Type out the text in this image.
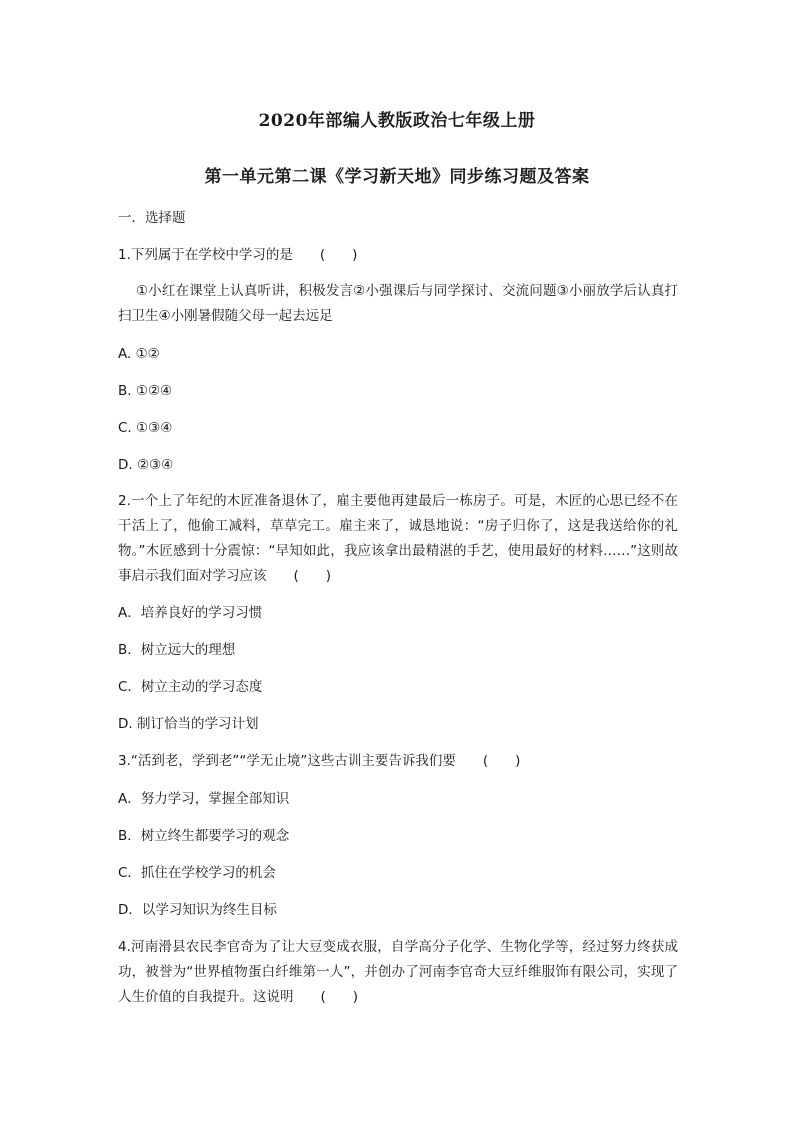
2020年部编人教版政治七年级上册
第一单元第二课《学习新天地》同步练习题及答案
一．选择题
1.下列属于在学校中学习的是　　(　　)
①小红在课堂上认真听讲，积极发言②小强课后与同学探讨、交流问题③小丽放学后认真打扫卫生④小刚暑假随父母一起去远足
A. ①②
B. ①②④
C. ①③④
D. ②③④
2.一个上了年纪的木匠准备退休了，雇主要他再建最后一栋房子。可是，木匠的心思已经不在干活上了，他偷工减料，草草完工。雇主来了，诚恳地说：“房子归你了，这是我送给你的礼物。”木匠感到十分震惊：“早知如此，我应该拿出最精湛的手艺，使用最好的材料……”这则故事启示我们面对学习应该　　(　　)
A．培养良好的学习习惯
B．树立远大的理想
C．树立主动的学习态度
D. 制订恰当的学习计划
3.“活到老，学到老”“学无止境”这些古训主要告诉我们要　　(　　)
A．努力学习，掌握全部知识
B．树立终生都要学习的观念
C．抓住在学校学习的机会
D．以学习知识为终生目标
4.河南滑县农民李官奇为了让大豆变成衣服，自学高分子化学、生物化学等，经过努力终获成功，被誉为“世界植物蛋白纤维第一人”，并创办了河南李官奇大豆纤维服饰有限公司，实现了人生价值的自我提升。这说明　　(　　)
